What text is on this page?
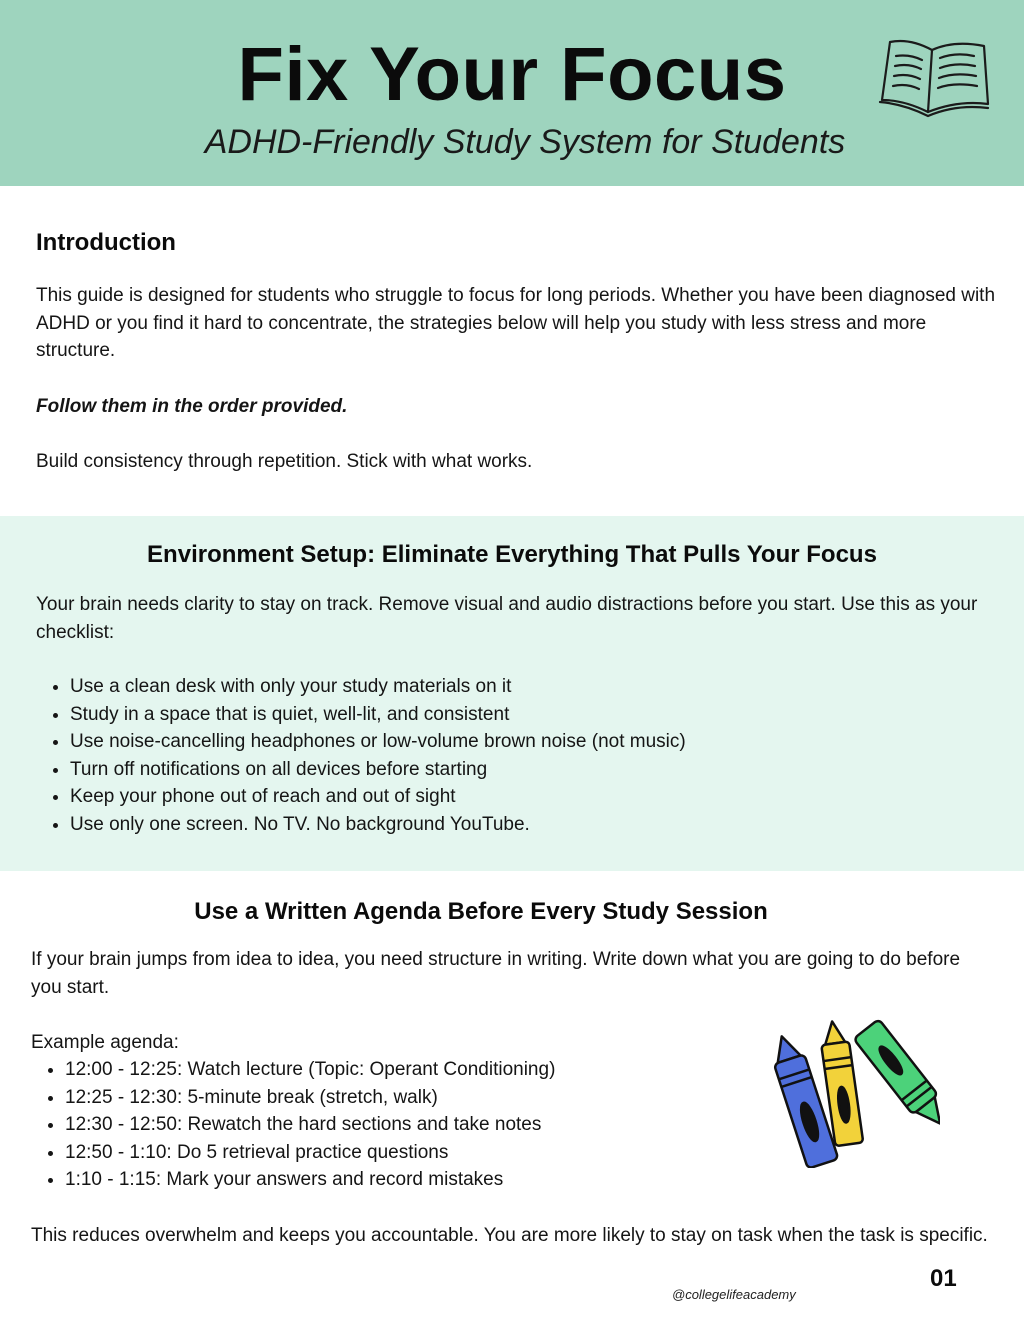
Fix Your Focus
ADHD-Friendly Study System for Students
Introduction

This guide is designed for students who struggle to focus for long periods. Whether you have been diagnosed with ADHD or you find it hard to concentrate, the strategies below will help you study with less stress and more structure.

Follow them in the order provided.

Build consistency through repetition. Stick with what works.

Environment Setup: Eliminate Everything That Pulls Your Focus

Your brain needs clarity to stay on track. Remove visual and audio distractions before you start. Use this as your checklist:

• Use a clean desk with only your study materials on it
• Study in a space that is quiet, well-lit, and consistent
• Use noise-cancelling headphones or low-volume brown noise (not music)
• Turn off notifications on all devices before starting
• Keep your phone out of reach and out of sight
• Use only one screen. No TV. No background YouTube.
Use a Written Agenda Before Every Study Session

If your brain jumps from idea to idea, you need structure in writing. Write down what you are going to do before you start.

Example agenda:

• 12:00 - 12:25: Watch lecture (Topic: Operant Conditioning)
• 12:25 - 12:30: 5-minute break (stretch, walk)
• 12:30 - 12:50: Rewatch the hard sections and take notes
• 12:50 - 1:10: Do 5 retrieval practice questions
• 1:10 - 1:15: Mark your answers and record mistakes

This reduces overwhelm and keeps you accountable. You are more likely to stay on task when the task is specific.

@collegelifeacademy
01
